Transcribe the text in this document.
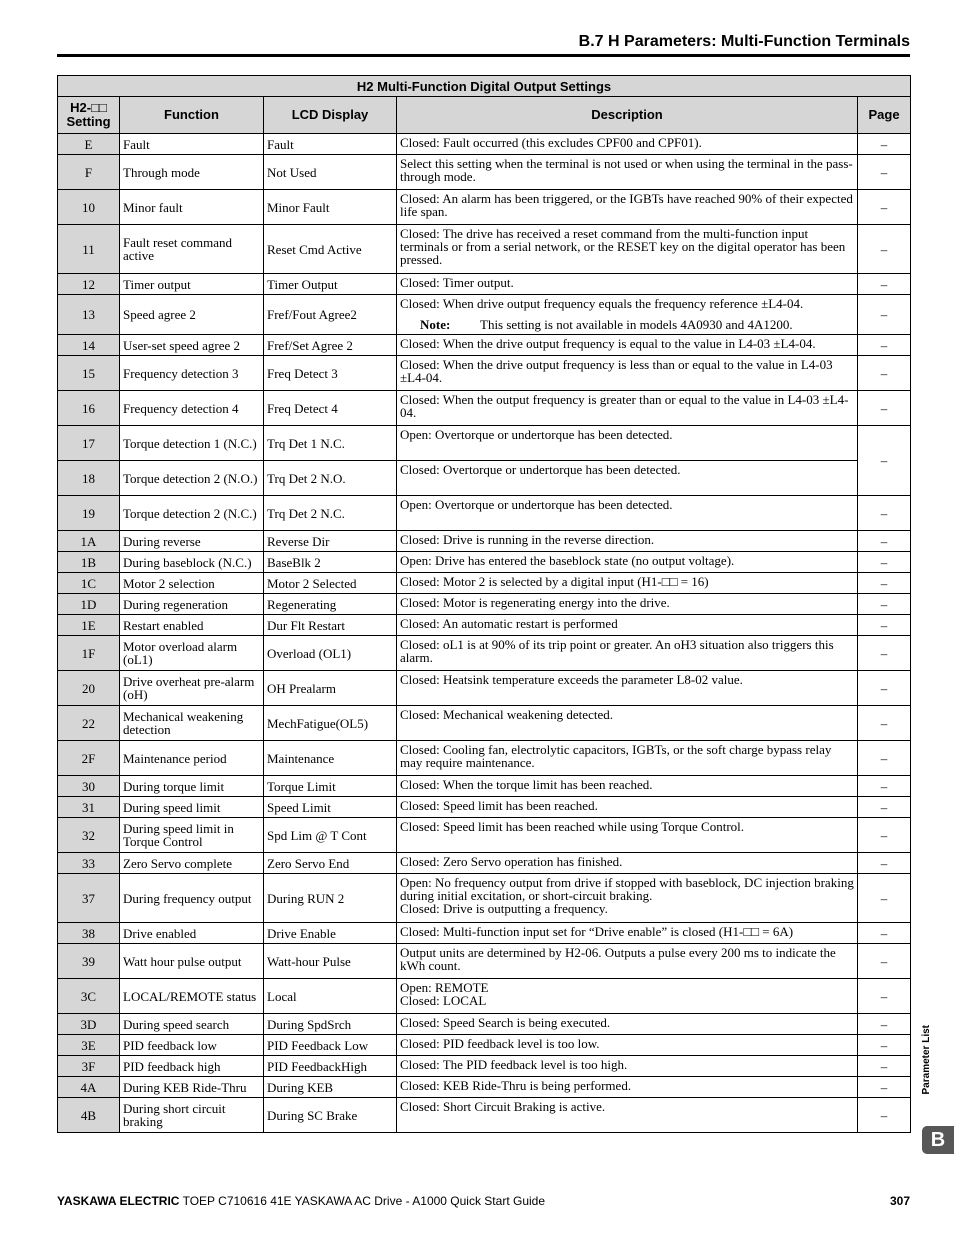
B.7 H Parameters: Multi-Function Terminals
H2 Multi-Function Digital Output Settings				
H2-□□ Setting	Function	LCD Display	Description	Page
E	Fault	Fault	Closed: Fault occurred (this excludes CPF00 and CPF01).	–
F	Through mode	Not Used	Select this setting when the terminal is not used or when using the terminal in the pass-through mode.	–
10	Minor fault	Minor Fault	Closed: An alarm has been triggered, or the IGBTs have reached 90% of their expected life span.	–
11	Fault reset command active	Reset Cmd Active	Closed: The drive has received a reset command from the multi-function input terminals or from a serial network, or the RESET key on the digital operator has been pressed.	–
12	Timer output	Timer Output	Closed: Timer output.	–
13	Speed agree 2	Fref/Fout Agree2	Closed: When drive output frequency equals the frequency reference ±L4-04.
Note: This setting is not available in models 4A0930 and 4A1200.	–
14	User-set speed agree 2	Fref/Set Agree 2	Closed: When the drive output frequency is equal to the value in L4-03 ±L4-04.	–
15	Frequency detection 3	Freq Detect 3	Closed: When the drive output frequency is less than or equal to the value in L4-03 ±L4-04.	–
16	Frequency detection 4	Freq Detect 4	Closed: When the output frequency is greater than or equal to the value in L4-03 ±L4-04.	–
17	Torque detection 1 (N.C.)	Trq Det 1 N.C.	Open: Overtorque or undertorque has been detected.	–
18	Torque detection 2 (N.O.)	Trq Det 2 N.O.	Closed: Overtorque or undertorque has been detected.	

19	Torque detection 2 (N.C.)	Trq Det 2 N.C.	Open: Overtorque or undertorque has been detected.	–
1A	During reverse	Reverse Dir	Closed: Drive is running in the reverse direction.	–
1B	During baseblock (N.C.)	BaseBlk 2	Open: Drive has entered the baseblock state (no output voltage).	–
1C	Motor 2 selection	Motor 2 Selected	Closed: Motor 2 is selected by a digital input (H1-□□ = 16)	–
1D	During regeneration	Regenerating	Closed: Motor is regenerating energy into the drive.	–
1E	Restart enabled	Dur Flt Restart	Closed: An automatic restart is performed	–
1F	Motor overload alarm (oL1)	Overload (OL1)	Closed: oL1 is at 90% of its trip point or greater. An oH3 situation also triggers this alarm.	–
20	Drive overheat pre-alarm (oH)	OH Prealarm	Closed: Heatsink temperature exceeds the parameter L8-02 value.	–
22	Mechanical weakening detection	MechFatigue(OL5)	Closed: Mechanical weakening detected.	–
2F	Maintenance period	Maintenance	Closed: Cooling fan, electrolytic capacitors, IGBTs, or the soft charge bypass relay may require maintenance.	–
30	During torque limit	Torque Limit	Closed: When the torque limit has been reached.	–
31	During speed limit	Speed Limit	Closed: Speed limit has been reached.	–
32	During speed limit in Torque Control	Spd Lim @ T Cont	Closed: Speed limit has been reached while using Torque Control.	–
33	Zero Servo complete	Zero Servo End	Closed: Zero Servo operation has finished.	–
37	During frequency output	During RUN 2	Open: No frequency output from drive if stopped with baseblock, DC injection braking during initial excitation, or short-circuit braking.
Closed: Drive is outputting a frequency.	–
38	Drive enabled	Drive Enable	Closed: Multi-function input set for “Drive enable” is closed (H1-□□ = 6A)	–
39	Watt hour pulse output	Watt-hour Pulse	Output units are determined by H2-06. Outputs a pulse every 200 ms to indicate the kWh count.	–
3C	LOCAL/REMOTE status	Local	Open: REMOTE
Closed: LOCAL	–
3D	During speed search	During SpdSrch	Closed: Speed Search is being executed.	–
3E	PID feedback low	PID Feedback Low	Closed: PID feedback level is too low.	–
3F	PID feedback high	PID FeedbackHigh	Closed: The PID feedback level is too high.	–
4A	During KEB Ride-Thru	During KEB	Closed: KEB Ride-Thru is being performed.	–
4B	During short circuit braking	During SC Brake	Closed: Short Circuit Braking is active.	–
Parameter List
B
YASKAWA ELECTRIC TOEP C710616 41E YASKAWA AC Drive - A1000 Quick Start Guide	307
